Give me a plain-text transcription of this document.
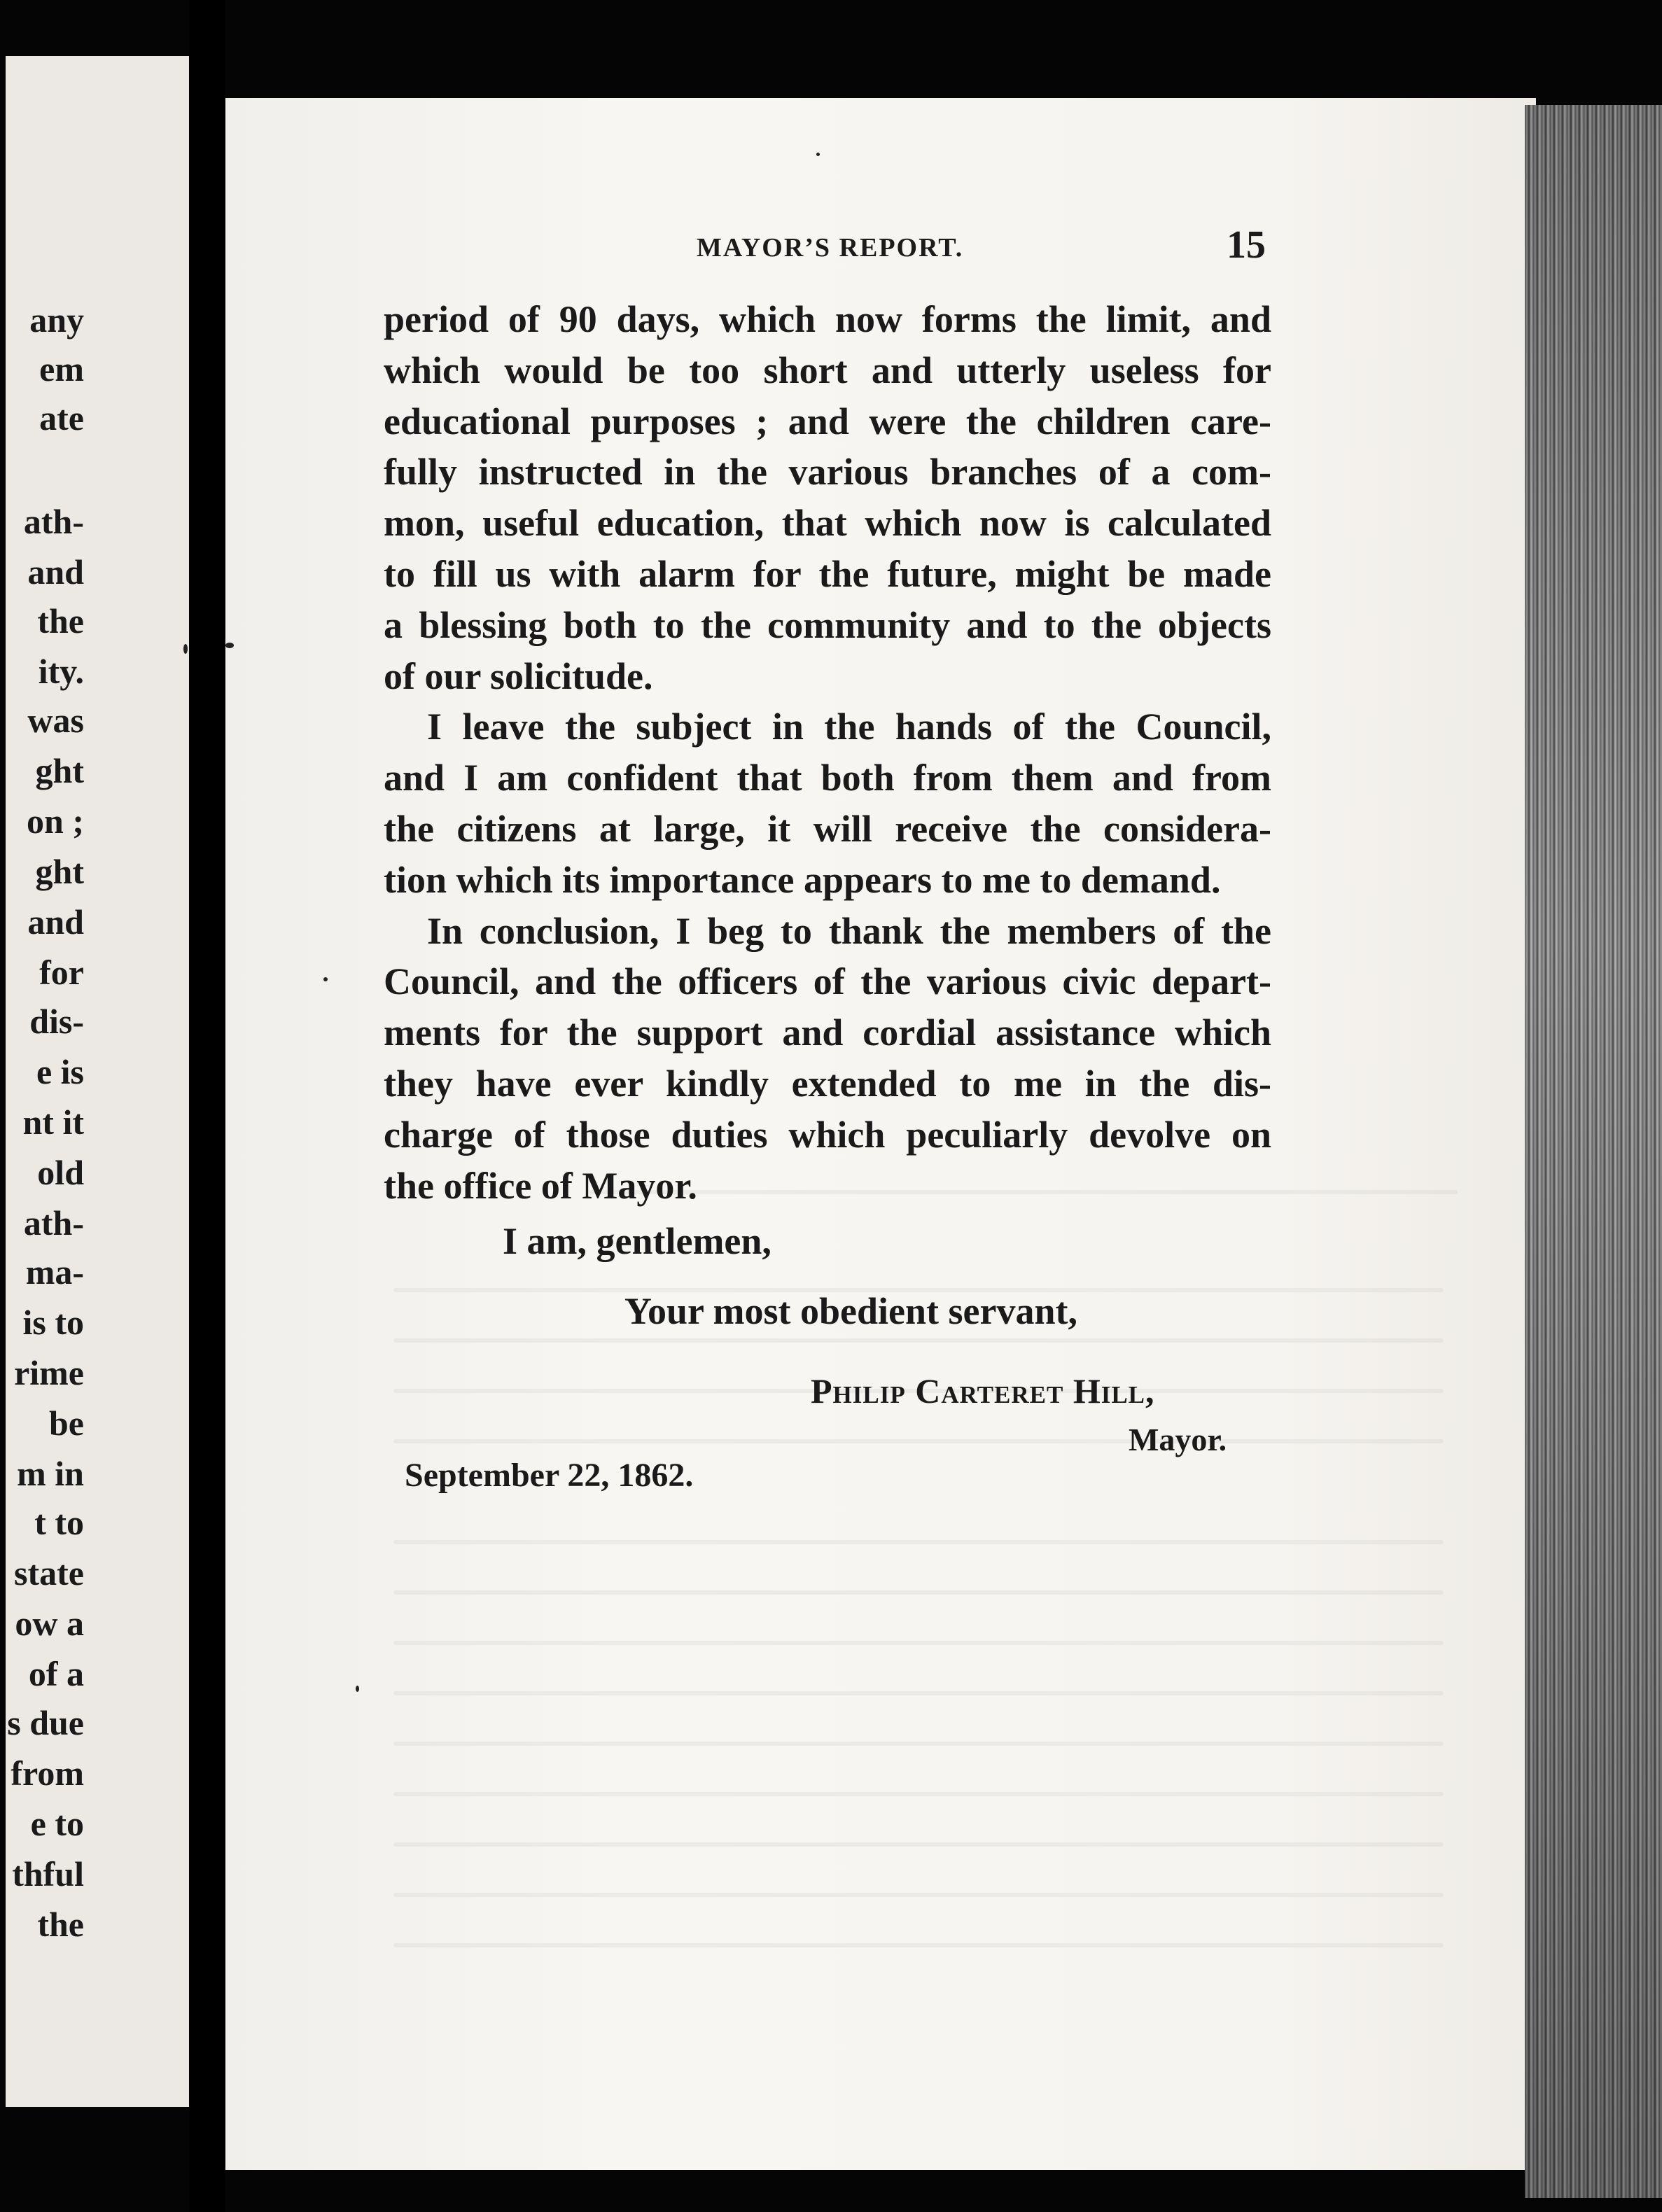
any
em
ate
ath-
and
the
ity.
was
ght
on ;
ght
and
for
dis-
e is
nt it
old
ath-
ma-
is to
rime
be
m in
t to
state
ow a
of a
s due
from
e to
thful
the
MAYOR’S REPORT.	15
period of 90 days, which now forms the limit, and
which would be too short and utterly useless for
educational purposes ; and were the children care-
fully instructed in the various branches of a com-
mon, useful education, that which now is calculated
to fill us with alarm for the future, might be made
a blessing both to the community and to the objects
of our solicitude.
I leave the subject in the hands of the Council,
and I am confident that both from them and from
the citizens at large, it will receive the considera-
tion which its importance appears to me to demand.
In conclusion, I beg to thank the members of the
Council, and the officers of the various civic depart-
ments for the support and cordial assistance which
they have ever kindly extended to me in the dis-
charge of those duties which peculiarly devolve on
the office of Mayor.
I am, gentlemen,
Your most obedient servant,
Philip Carteret Hill,
Mayor.
September 22, 1862.
